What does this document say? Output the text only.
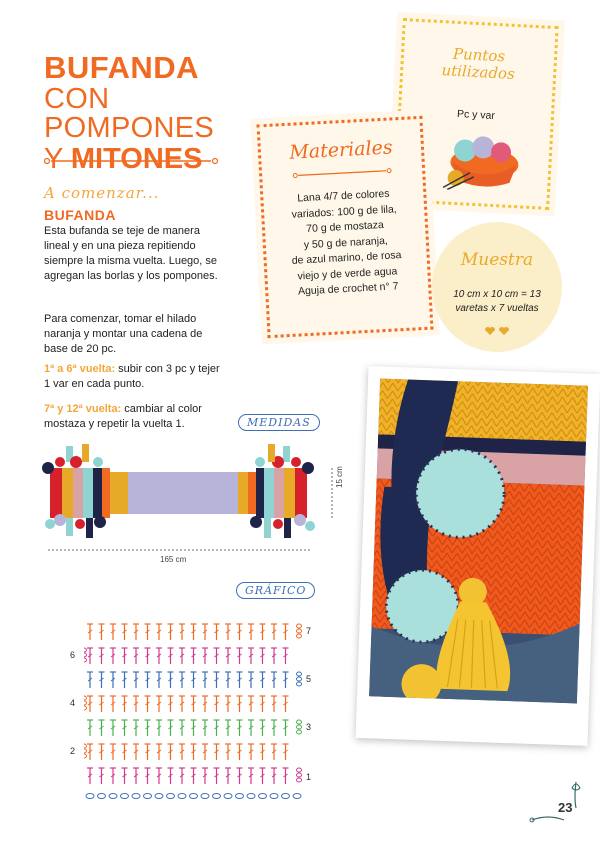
BUFANDA
CON POMPONES
Y MITONES
A comenzar...
BUFANDA
Esta bufanda se teje de manera lineal y en una pieza repitiendo siempre la misma vuelta. Luego, se agregan las borlas y los pompones.
Para comenzar, tomar el hilado naranja y montar una cadena de base de 20 pc.
1ª a 6ª vuelta: subir con 3 pc y tejer 1 var en cada punto.
7ª y 12ª vuelta: cambiar al color mostaza y repetir la vuelta 1.
Puntos
utilizados
Pc y var
Materiales
Lana 4/7 de colores
variados: 100 g de lila,
70 g de mostaza
y 50 g de naranja,
de azul marino, de rosa
viejo y de verde agua
Aguja de crochet n° 7
Muestra
10 cm x 10 cm = 13
varetas x 7 vueltas
MEDIDAS
165 cm
15 cm
GRÁFICO
6
4
2
7
5
3
1
23
